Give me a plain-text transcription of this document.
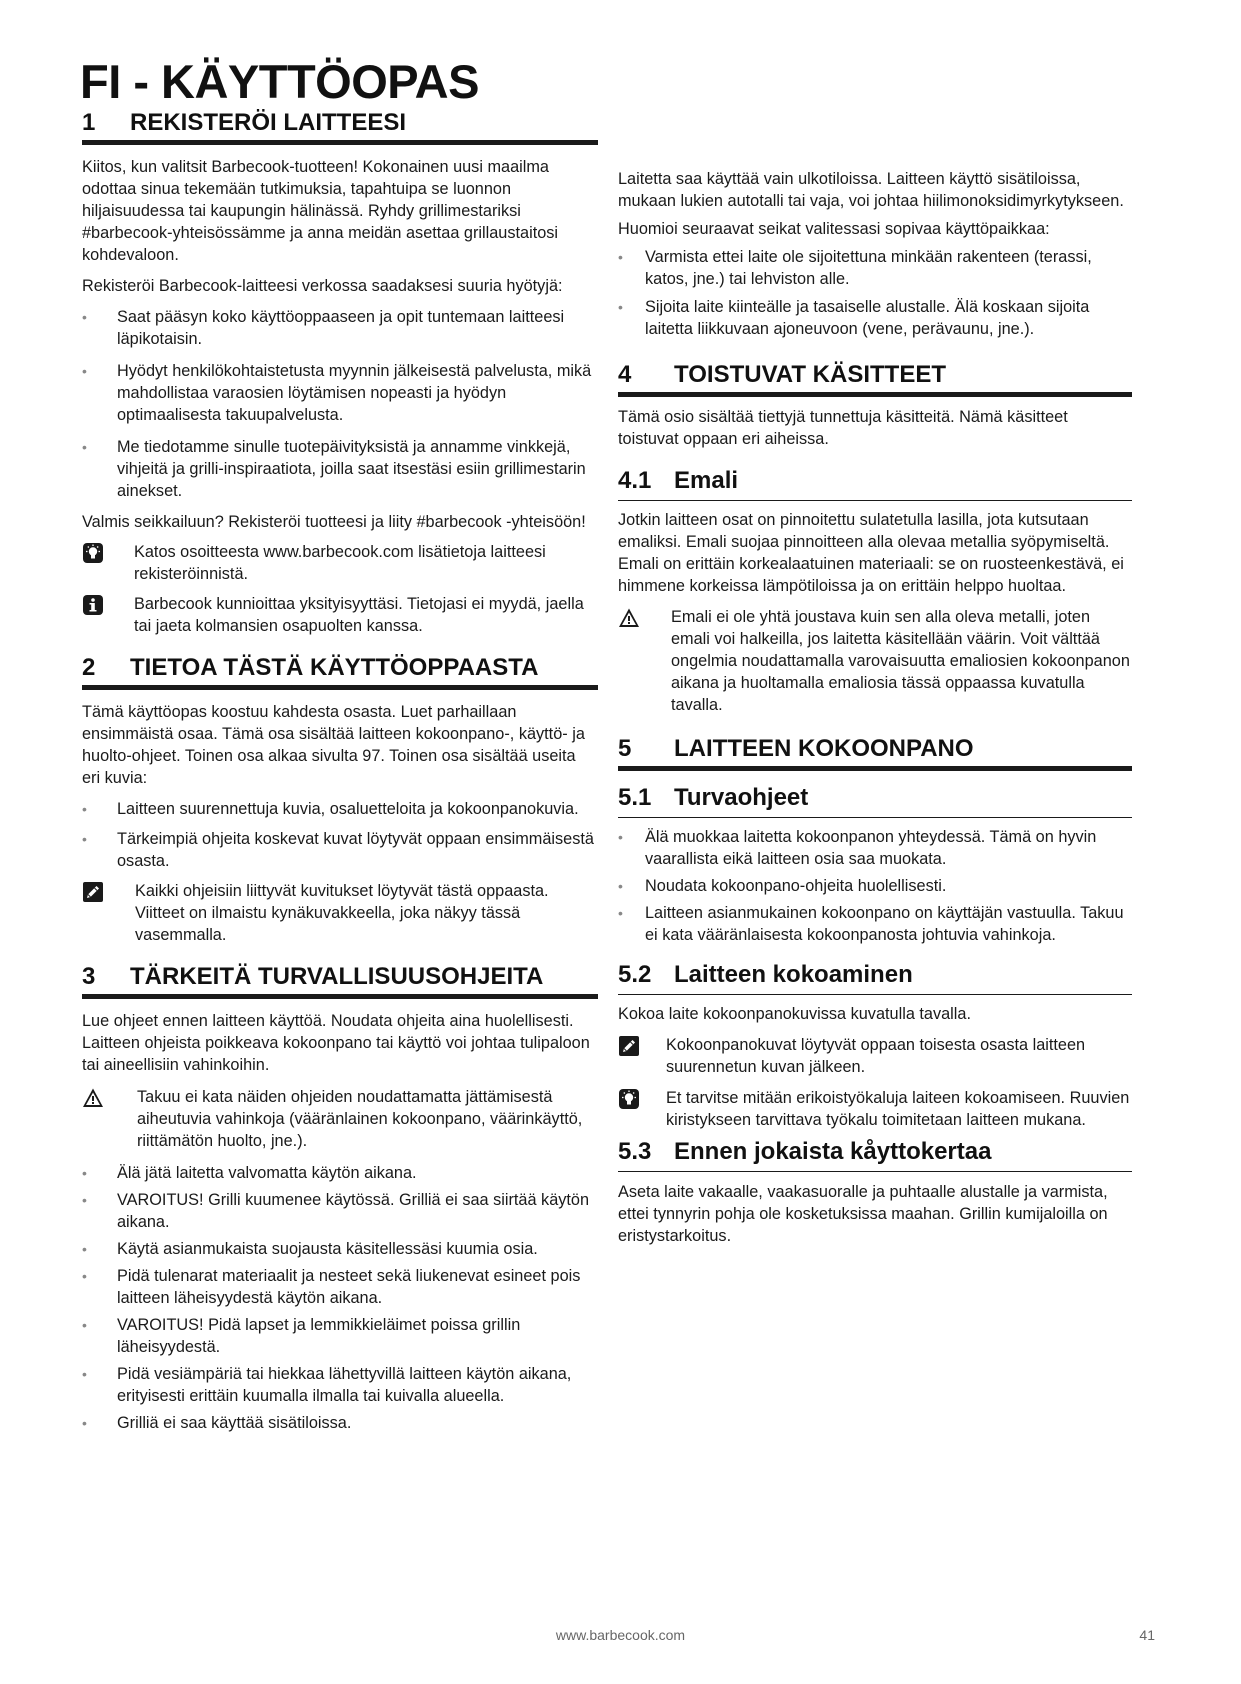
FI - KÄYTTÖOPAS
1	REKISTERÖI LAITTEESI

Kiitos, kun valitsit Barbecook-tuotteen! Kokonainen uusi maailma odottaa sinua tekemään tutkimuksia, tapahtuipa se luonnon hiljaisuudessa tai kaupungin hälinässä. Ryhdy grillimestariksi #barbecook-yhteisössämme ja anna meidän asettaa grillaustaitosi kohdevaloon.

Rekisteröi Barbecook-laitteesi verkossa saadaksesi suuria hyötyjä:

• Saat pääsyn koko käyttöoppaaseen ja opit tuntemaan laitteesi läpikotaisin.
• Hyödyt henkilökohtaistetusta myynnin jälkeisestä palvelusta, mikä mahdollistaa varaosien löytämisen nopeasti ja hyödyn optimaalisesta takuupalvelusta.
• Me tiedotamme sinulle tuotepäivityksistä ja annamme vinkkejä, vihjeitä ja grilli-inspiraatiota, joilla saat itsestäsi esiin grillimestarin ainekset.

Valmis seikkailuun? Rekisteröi tuotteesi ja liity #barbecook -yhteisöön!

Katos osoitteesta www.barbecook.com lisätietoja laitteesi rekisteröinnistä.

Barbecook kunnioittaa yksityisyyttäsi. Tietojasi ei myydä, jaella tai jaeta kolmansien osapuolten kanssa.

2	TIETOA TÄSTÄ KÄYTTÖOPPAASTA

Tämä käyttöopas koostuu kahdesta osasta. Luet parhaillaan ensimmäistä osaa. Tämä osa sisältää laitteen kokoonpano-, käyttö- ja huolto-ohjeet. Toinen osa alkaa sivulta 97. Toinen osa sisältää useita eri kuvia:

• Laitteen suurennettuja kuvia, osaluetteloita ja kokoonpanokuvia.
• Tärkeimpiä ohjeita koskevat kuvat löytyvät oppaan ensimmäisestä osasta.

Kaikki ohjeisiin liittyvät kuvitukset löytyvät tästä oppaasta. Viitteet on ilmaistu kynäkuvakkeella, joka näkyy tässä vasemmalla.

3	TÄRKEITÄ TURVALLISUUSOHJEITA

Lue ohjeet ennen laitteen käyttöä. Noudata ohjeita aina huolellisesti. Laitteen ohjeista poikkeava kokoonpano tai käyttö voi johtaa tulipaloon tai aineellisiin vahinkoihin.

Takuu ei kata näiden ohjeiden noudattamatta jättämisestä aiheutuvia vahinkoja (vääränlainen kokoonpano, väärinkäyttö, riittämätön huolto, jne.).

• Älä jätä laitetta valvomatta käytön aikana.
• VAROITUS! Grilli kuumenee käytössä. Grilliä ei saa siirtää käytön aikana.
• Käytä asianmukaista suojausta käsitellessäsi kuumia osia.
• Pidä tulenarat materiaalit ja nesteet sekä liukenevat esineet pois laitteen läheisyydestä käytön aikana.
• VAROITUS! Pidä lapset ja lemmikkieläimet poissa grillin läheisyydestä.
• Pidä vesiämpäriä tai hiekkaa lähettyvillä laitteen käytön aikana, erityisesti erittäin kuumalla ilmalla tai kuivalla alueella.
• Grilliä ei saa käyttää sisätiloissa.

Laitetta saa käyttää vain ulkotiloissa. Laitteen käyttö sisätiloissa, mukaan lukien autotalli tai vaja, voi johtaa hiilimonoksidimyrkytykseen.

Huomioi seuraavat seikat valitessasi sopivaa käyttöpaikkaa:

• Varmista ettei laite ole sijoitettuna minkään rakenteen (terassi, katos, jne.) tai lehviston alle.
• Sijoita laite kiinteälle ja tasaiselle alustalle. Älä koskaan sijoita laitetta liikkuvaan ajoneuvoon (vene, perävaunu, jne.).
4	TOISTUVAT KÄSITTEET

Tämä osio sisältää tiettyjä tunnettuja käsitteitä. Nämä käsitteet toistuvat oppaan eri aiheissa.

4.1 Emali

Jotkin laitteen osat on pinnoitettu sulatetulla lasilla, jota kutsutaan emaliksi. Emali suojaa pinnoitteen alla olevaa metallia syöpymiseltä. Emali on erittäin korkealaatuinen materiaali: se on ruosteenkestävä, ei himmene korkeissa lämpötiloissa ja on erittäin helppo huoltaa.

Emali ei ole yhtä joustava kuin sen alla oleva metalli, joten emali voi halkeilla, jos laitetta käsitellään väärin. Voit välttää ongelmia noudattamalla varovaisuutta emaliosien kokoonpanon aikana ja huoltamalla emaliosia tässä oppaassa kuvatulla tavalla.

5	LAITTEEN KOKOONPANO
5.1 Turvaohjeet
• Älä muokkaa laitetta kokoonpanon yhteydessä. Tämä on hyvin vaarallista eikä laitteen osia saa muokata.
• Noudata kokoonpano-ohjeita huolellisesti.
• Laitteen asianmukainen kokoonpano on käyttäjän vastuulla. Takuu ei kata vääränlaisesta kokoonpanosta johtuvia vahinkoja.
5.2 Laitteen kokoaminen

Kokoa laite kokoonpanokuvissa kuvatulla tavalla.

Kokoonpanokuvat löytyvät oppaan toisesta osasta laitteen suurennetun kuvan jälkeen.

Et tarvitse mitään erikoistyökaluja laiteen kokoamiseen. Ruuvien kiristykseen tarvittava työkalu toimitetaan laitteen mukana.

5.3 Ennen jokaista kåyttokertaa

Aseta laite vakaalle, vaakasuoralle ja puhtaalle alustalle ja varmista, ettei tynnyrin pohja ole kosketuksissa maahan. Grillin kumijaloilla on eristystarkoitus.

www.barbecook.com	41
